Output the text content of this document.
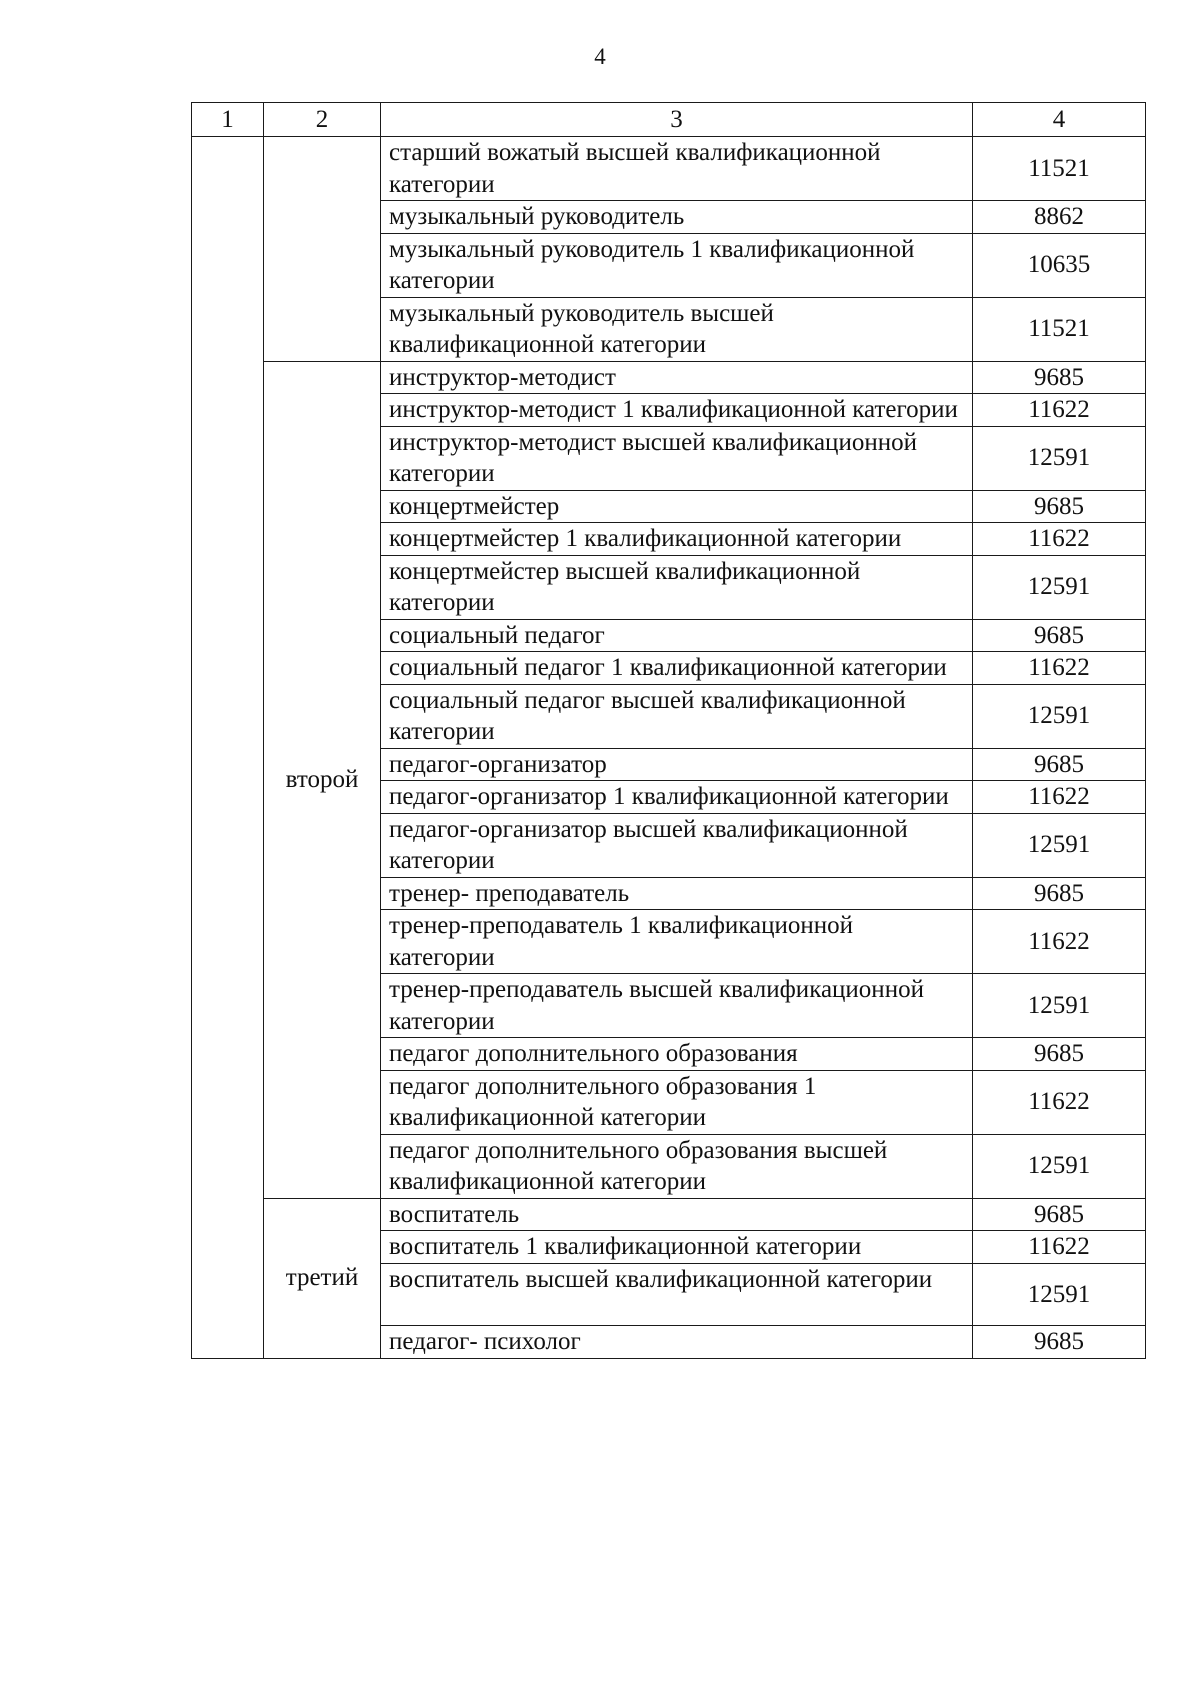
4
1	2	3	4
		старший вожатый высшей квалификационной категории	11521
		музыкальный руководитель	8862
		музыкальный руководитель 1 квалификационной категории	10635
		музыкальный руководитель высшей квалификационной категории	11521
	второй	инструктор-методист	9685
		инструктор-методист 1 квалификационной категории	11622
		инструктор-методист высшей квалификационной категории	12591
		концертмейстер	9685
		концертмейстер 1 квалификационной категории	11622
		концертмейстер высшей квалификационной категории	12591
		социальный педагог	9685
		социальный педагог 1 квалификационной категории	11622
		социальный педагог высшей квалификационной категории	12591
		педагог-организатор	9685
		педагог-организатор 1 квалификационной категории	11622
		педагог-организатор высшей квалификационной категории	12591
		тренер- преподаватель	9685
		тренер-преподаватель 1 квалификационной категории	11622
		тренер-преподаватель высшей квалификационной категории	12591
		педагог дополнительного образования	9685
		педагог дополнительного образования 1 квалификационной категории	11622
		педагог дополнительного образования высшей квалификационной категории	12591
	третий	воспитатель	9685
		воспитатель 1 квалификационной категории	11622
		воспитатель высшей квалификационной категории	12591
		педагог- психолог	9685
